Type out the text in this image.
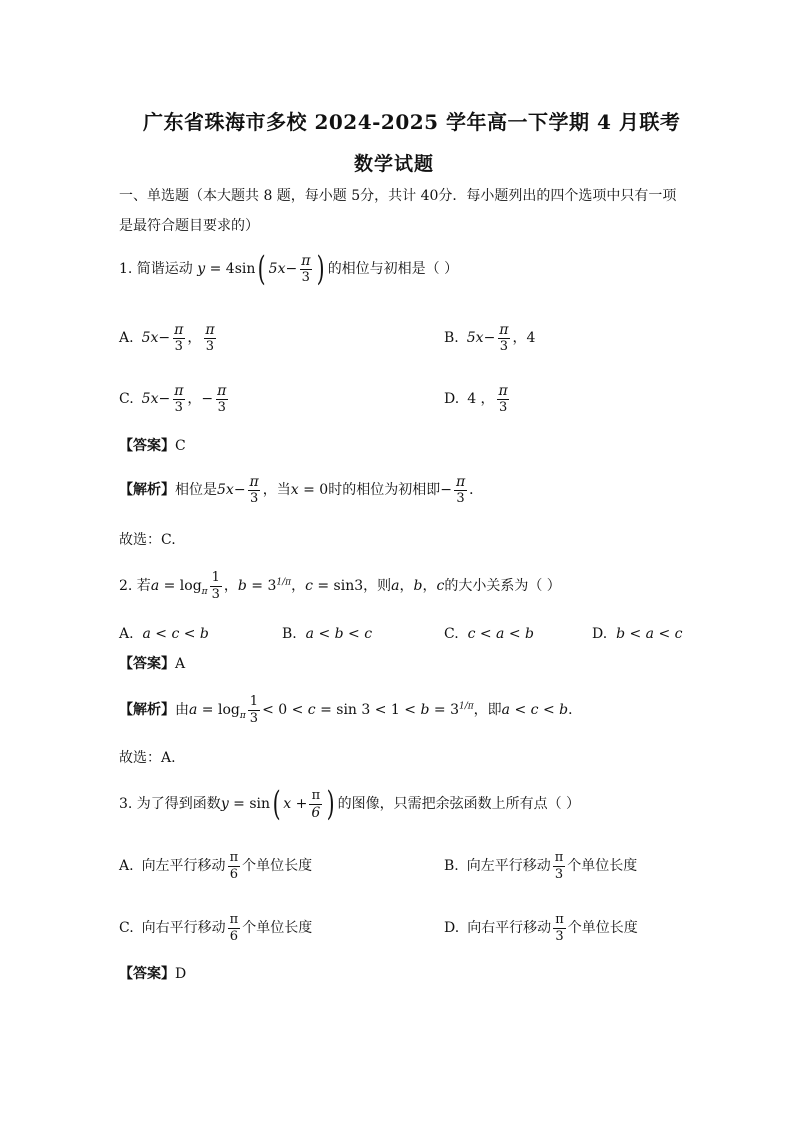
广东省珠海市多校 2024-2025 学年高一下学期 4 月联考
数学试题
一、单选题（本大题共 8 题，每小题 5分，共计 40分．每小题列出的四个选项中只有一项
是最符合题目要求的）
1. 简谐运动 y = 4sin ( $5x- \frac{\pi}{3}$ ) 的相位与初相是（ ）
A. $5x- \frac{\pi}{3}$ ， $\frac{\pi}{3}$	B. $5x- \frac{\pi}{3}$ ，4
C. $5x- \frac{\pi}{3}$ ，− $\frac{\pi}{3}$	D. 4 ， $\frac{\pi}{3}$
【答案】C
【解析】 相位是 $5x- \frac{\pi}{3}$ ，当 x = 0 时的相位为初相即 − $\frac{\pi}{3}$ ．
故选：C.
2. 若 $a = \log_\pi \frac{1}{3}$ ， $b = 3^{1/\pi}$ ， c = sin3 ，则 a，b，c 的大小关系为（ ）
A. a < c < b	B. a < b < c	C. c < a < b	D. b < a < c
【答案】A
【解析】 由 $a = \log_\pi \frac{1}{3} < 0 < c = \sin 3 < 1 < b = 3^{1/\pi}$ ，即 a < c < b．
故选：A.
3. 为了得到函数 y = sin ( $x + \frac{\pi}{6}$ ) 的图像，只需把余弦函数上所有点（ ）
A. 向左平行移动 $\frac{\pi}{6}$ 个单位长度	B. 向左平行移动 $\frac{\pi}{3}$ 个单位长度
C. 向右平行移动 $\frac{\pi}{6}$ 个单位长度	D. 向右平行移动 $\frac{\pi}{3}$ 个单位长度
【答案】D
